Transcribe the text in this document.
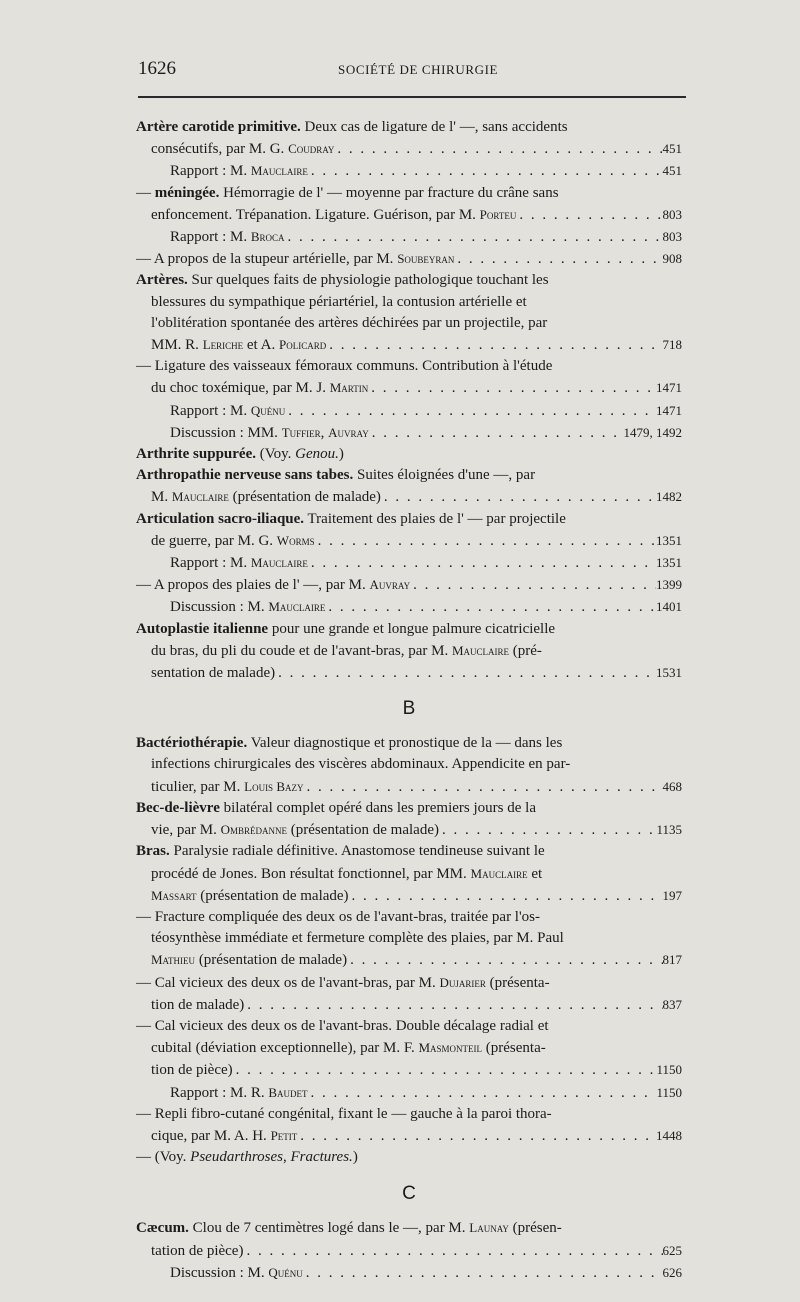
1626	SOCIÉTÉ DE CHIRURGIE
Artère carotide primitive. Deux cas de ligature de l' —, sans accidents
consécutifs, par M. G. Coudray . . .	451
Rapport : M. Mauclaire . . .	451
— méningée. Hémorragie de l' — moyenne par fracture du crâne sans
enfoncement. Trépanation. Ligature. Guérison, par M. Porteu . . .	803
Rapport : M. Broca . . .	803
— A propos de la stupeur artérielle, par M. Soubeyran . . .	908
Artères. Sur quelques faits de physiologie pathologique touchant les
blessures du sympathique périartériel, la contusion artérielle et
l'oblitération spontanée des artères déchirées par un projectile, par
MM. R. Leriche et A. Policard . . .	718
— Ligature des vaisseaux fémoraux communs. Contribution à l'étude
du choc toxémique, par M. J. Martin . . .	1471
Rapport : M. Quénu . . .	1471
Discussion : MM. Tuffier, Auvray . . .	1479, 1492
Arthrite suppurée. (Voy. Genou.)
Arthropathie nerveuse sans tabes. Suites éloignées d'une —, par
M. Mauclaire (présentation de malade) . . .	1482
Articulation sacro-iliaque. Traitement des plaies de l' — par projectile
de guerre, par M. G. Worms . . .	1351
Rapport : M. Mauclaire . . .	1351
— A propos des plaies de l' —, par M. Auvray . . .	1399
Discussion : M. Mauclaire . . .	1401
Autoplastie italienne pour une grande et longue palmure cicatricielle
du bras, du pli du coude et de l'avant-bras, par M. Mauclaire (pré-
sentation de malade) . . .	1531
B
Bactériothérapie. Valeur diagnostique et pronostique de la — dans les
infections chirurgicales des viscères abdominaux. Appendicite en par-
ticulier, par M. Louis Bazy . . .	468
Bec-de-lièvre bilatéral complet opéré dans les premiers jours de la
vie, par M. Ombrédanne (présentation de malade) . . .	1135
Bras. Paralysie radiale définitive. Anastomose tendineuse suivant le
procédé de Jones. Bon résultat fonctionnel, par MM. Mauclaire et
Massart (présentation de malade) . . .	197
— Fracture compliquée des deux os de l'avant-bras, traitée par l'os-
téosynthèse immédiate et fermeture complète des plaies, par M. Paul
Mathieu (présentation de malade) . . .	817
— Cal vicieux des deux os de l'avant-bras, par M. Dujarier (présenta-
tion de malade) . . .	837
— Cal vicieux des deux os de l'avant-bras. Double décalage radial et
cubital (déviation exceptionnelle), par M. F. Masmonteil (présenta-
tion de pièce) . . .	1150
Rapport : M. R. Baudet . . .	1150
— Repli fibro-cutané congénital, fixant le — gauche à la paroi thora-
cique, par M. A. H. Petit . . .	1448
— (Voy. Pseudarthroses, Fractures.)
C
Cæcum. Clou de 7 centimètres logé dans le —, par M. Launay (présen-
tation de pièce) . . .	625
Discussion : M. Quénu . . .	626
